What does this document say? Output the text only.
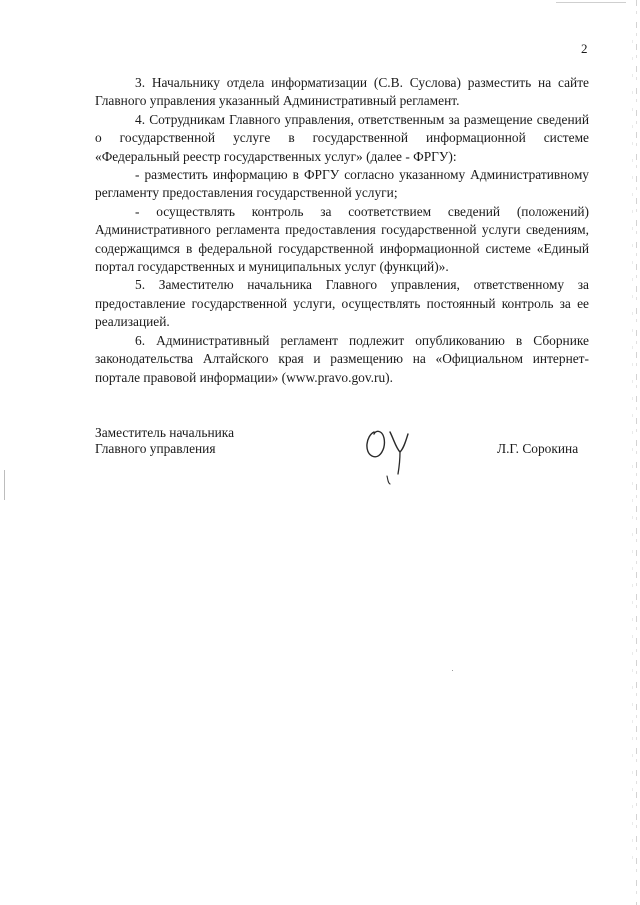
2

3. Начальнику отдела информатизации (С.В. Суслова) разместить на сайте Главного управления указанный Административный регламент.

4. Сотрудникам Главного управления, ответственным за размещение сведений о государственной услуге в государственной информационной системе «Федеральный реестр государственных услуг» (далее - ФРГУ):

- разместить информацию в ФРГУ согласно указанному Административному регламенту предоставления государственной услуги;

- осуществлять контроль за соответствием сведений (положений) Административного регламента предоставления государственной услуги сведениям, содержащимся в федеральной государственной информационной системе «Единый портал государственных и муниципальных услуг (функций)».

5. Заместителю начальника Главного управления, ответственному за предоставление государственной услуги, осуществлять постоянный контроль за ее реализацией.

6. Административный регламент подлежит опубликованию в Сборнике законодательства Алтайского края и размещению на «Официальном интернет-портале правовой информации» (www.pravo.gov.ru).

Заместитель начальника
Главного управления	Л.Г. Сорокина
